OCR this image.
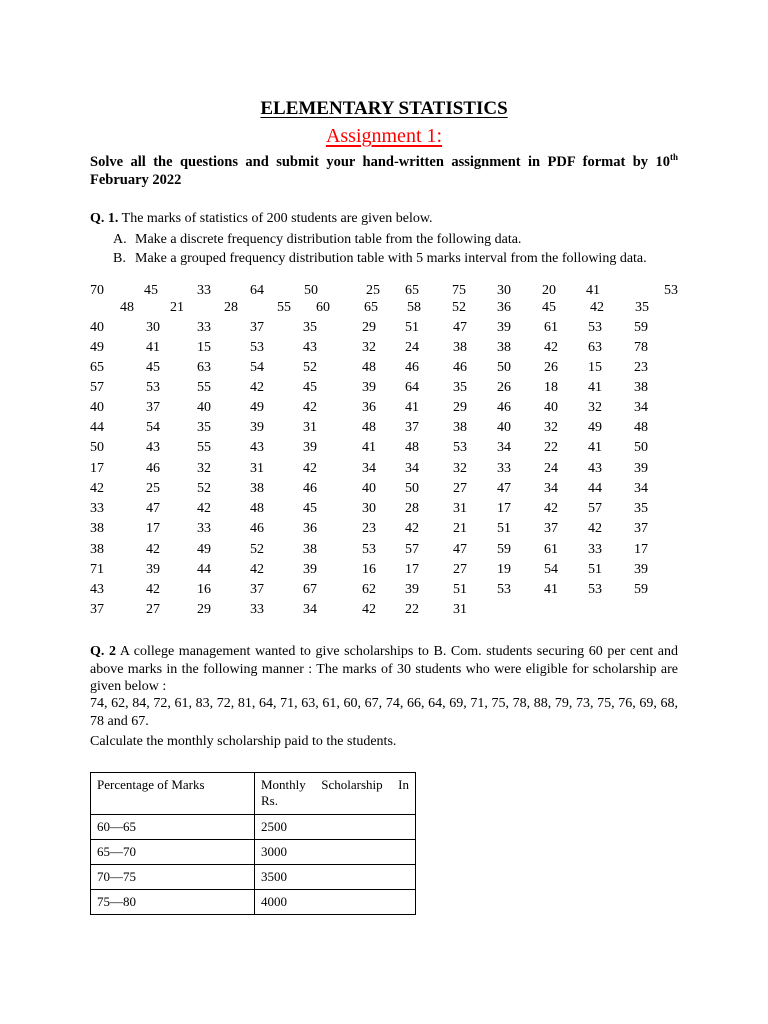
ELEMENTARY STATISTICS
Assignment 1:
Solve all the questions and submit your hand-written assignment in PDF format by 10th February 2022
Q. 1. The marks of statistics of 200 students are given below.
A. Make a discrete frequency distribution table from the following data.
B. Make a grouped frequency distribution table with 5 marks interval from the following data.
70	45	33	64	50	25 65 75 30 20 41	53
48	21	28	55 60 65 58 52 36 45 42 35
40	30	33	37	35	29 51 47 39 61 53 59
49	41	15	53	43	32 24 38 38 42 63 78
65	45	63	54	52	48 46 46 50 26 15 23
57	53	55	42	45	39 64 35 26 18 41 38
40	37	40	49	42	36 41 29 46 40 32 34
44	54	35	39	31	48 37 38 40 32 49 48
50	43	55	43	39	41 48 53 34 22 41 50
17	46	32	31	42	34 34 32 33 24 43 39
42	25	52	38	46	40 50 27 47 34 44 34
33	47	42	48	45	30 28 31 17 42 57 35
38	17	33	46	36	23 42 21 51 37 42 37
38	42	49	52	38	53 57 47 59 61 33 17
71	39	44	42	39	16 17 27 19 54 51 39
43	42	16	37	67	62 39 51 53 41 53 59
37	27	29	33	34	42 22 31
Q. 2 A college management wanted to give scholarships to B. Com. students securing 60 per cent and above marks in the following manner : The marks of 30 students who were eligible for scholarship are given below :
74, 62, 84, 72, 61, 83, 72, 81, 64, 71, 63, 61, 60, 67, 74, 66, 64, 69, 71, 75, 78, 88, 79, 73, 75, 76, 69, 68, 78 and 67.
Calculate the monthly scholarship paid to the students.
Percentage of Marks	Monthly Scholarship In
Rs.

60—65	2500
65—70	3000
70—75	3500
75—80	4000
